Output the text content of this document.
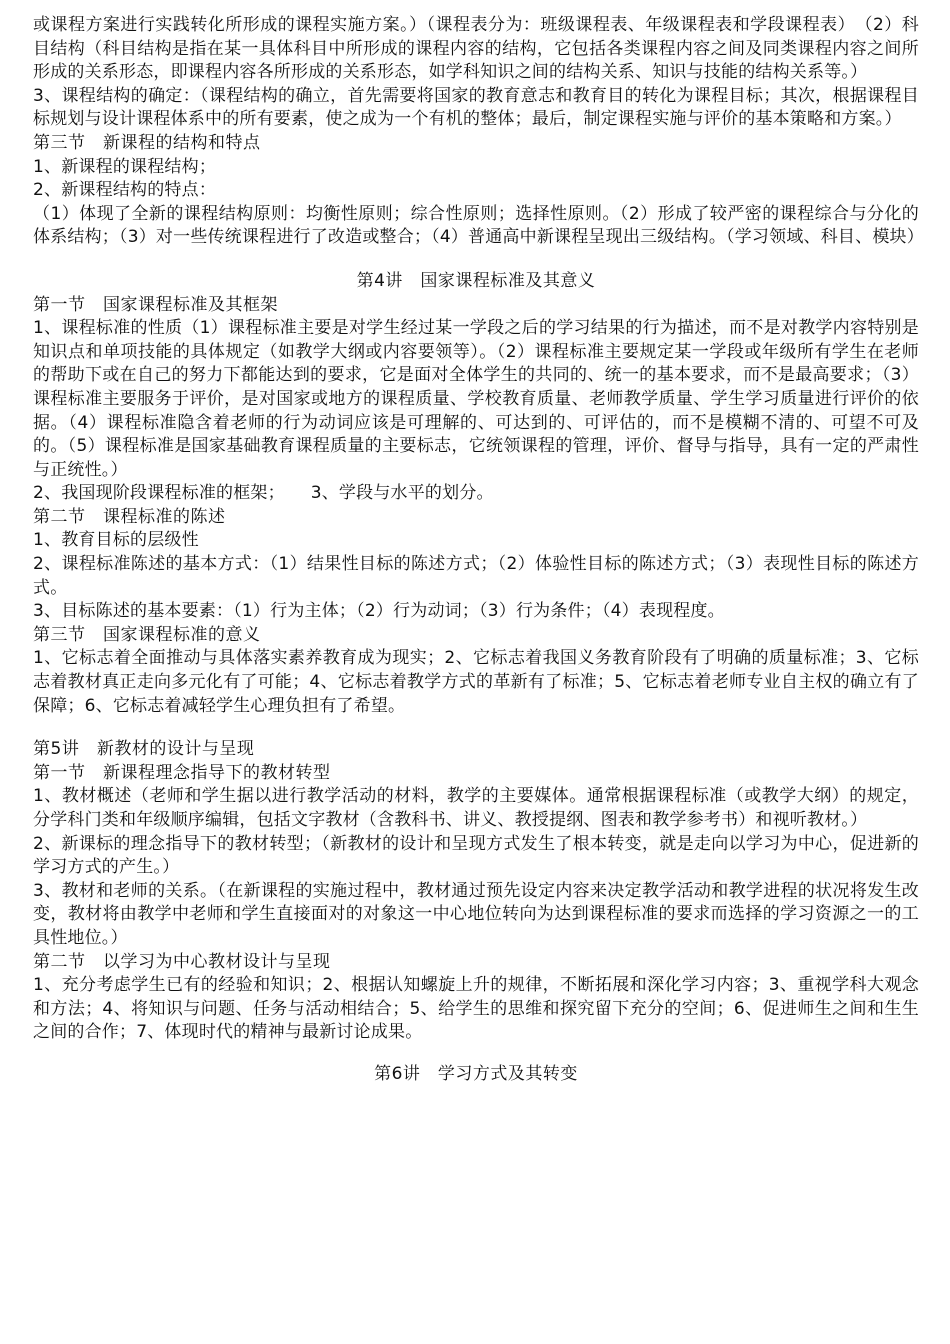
或课程方案进行实践转化所形成的课程实施方案。）（课程表分为：班级课程表、年级课程表和学段课程表）　（2）科目结构（科目结构是指在某一具体科目中所形成的课程内容的结构，它包括各类课程内容之间及同类课程内容之间所形成的关系形态，即课程内容各所形成的关系形态，如学科知识之间的结构关系、知识与技能的结构关系等。）

3、课程结构的确定：（课程结构的确立，首先需要将国家的教育意志和教育目的转化为课程目标；其次，根据课程目标规划与设计课程体系中的所有要素，使之成为一个有机的整体；最后，制定课程实施与评价的基本策略和方案。）

第三节　新课程的结构和特点

1、新课程的课程结构；

2、新课程结构的特点：

（1）体现了全新的课程结构原则：均衡性原则；综合性原则；选择性原则。（2）形成了较严密的课程综合与分化的体系结构；（3）对一些传统课程进行了改造或整合；（4）普通高中新课程呈现出三级结构。（学习领域、科目、模块）

第4讲　国家课程标准及其意义

第一节　国家课程标准及其框架

1、课程标准的性质（1）课程标准主要是对学生经过某一学段之后的学习结果的行为描述，而不是对教学内容特别是知识点和单项技能的具体规定（如教学大纲或内容要领等）。（2）课程标准主要规定某一学段或年级所有学生在老师的帮助下或在自己的努力下都能达到的要求，它是面对全体学生的共同的、统一的基本要求，而不是最高要求；（3）课程标准主要服务于评价，是对国家或地方的课程质量、学校教育质量、老师教学质量、学生学习质量进行评价的依据。（4）课程标准隐含着老师的行为动词应该是可理解的、可达到的、可评估的，而不是模糊不清的、可望不可及的。（5）课程标准是国家基础教育课程质量的主要标志，它统领课程的管理，评价、督导与指导，具有一定的严肃性与正统性。）

2、我国现阶段课程标准的框架；　　3、学段与水平的划分。

第二节　课程标准的陈述

1、教育目标的层级性

2、课程标准陈述的基本方式：（1）结果性目标的陈述方式；（2）体验性目标的陈述方式；（3）表现性目标的陈述方式。

3、目标陈述的基本要素：（1）行为主体；（2）行为动词；（3）行为条件；（4）表现程度。

第三节　国家课程标准的意义

1、它标志着全面推动与具体落实素养教育成为现实；2、它标志着我国义务教育阶段有了明确的质量标准；3、它标志着教材真正走向多元化有了可能；4、它标志着教学方式的革新有了标准；5、它标志着老师专业自主权的确立有了保障；6、它标志着减轻学生心理负担有了希望。

第5讲　新教材的设计与呈现

第一节　新课程理念指导下的教材转型

1、教材概述（老师和学生据以进行教学活动的材料，教学的主要媒体。通常根据课程标准（或教学大纲）的规定，分学科门类和年级顺序编辑，包括文字教材（含教科书、讲义、教授提纲、图表和教学参考书）和视听教材。）

2、新课标的理念指导下的教材转型；（新教材的设计和呈现方式发生了根本转变，就是走向以学习为中心，促进新的学习方式的产生。）

3、教材和老师的关系。（在新课程的实施过程中，教材通过预先设定内容来决定教学活动和教学进程的状况将发生改变，教材将由教学中老师和学生直接面对的对象这一中心地位转向为达到课程标准的要求而选择的学习资源之一的工具性地位。）

第二节　以学习为中心教材设计与呈现

1、充分考虑学生已有的经验和知识；2、根据认知螺旋上升的规律，不断拓展和深化学习内容；3、重视学科大观念和方法；4、将知识与问题、任务与活动相结合；5、给学生的思维和探究留下充分的空间；6、促进师生之间和生生之间的合作；7、体现时代的精神与最新讨论成果。

第6讲　学习方式及其转变
